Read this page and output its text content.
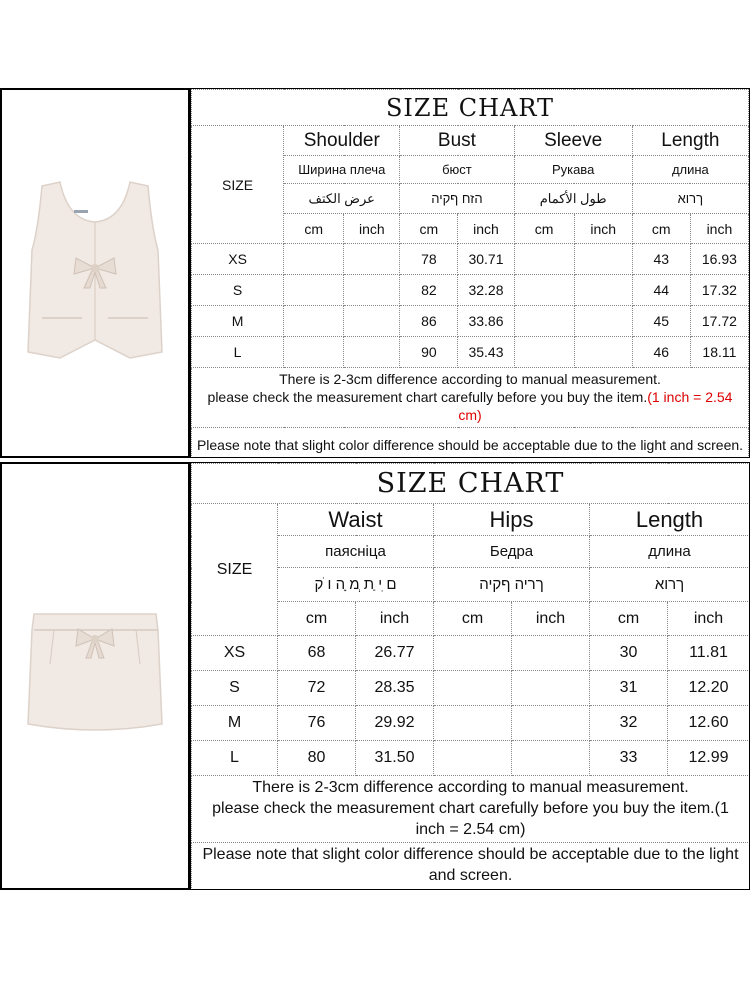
SIZE CHART								
SIZE	Shoulder		Bust		Sleeve		Length	
	Ширина плеча		бюст		Рукава		длина	
	عرض الكتف		הזח ףקיה		طول الأكمام		ךרוא	
	cm	inch	cm	inch	cm	inch	cm	inch
XS			78	30.71			43	16.93
S			82	32.28			44	17.32
M			86	33.86			45	17.72
L			90	35.43			46	18.11
There is 2-3cm difference according to manual measurement.
please check the measurement chart carefully before you buy the item.(1 inch = 2.54 cm)								
Please note that slight color difference should be acceptable due to the light and screen.								
SIZE CHART						
SIZE	Waist		Hips		Length	
	паясніца		Бедра		длина	
	ם ִי ַת ְמ ָה ו ֹק		ךריה ףקיה		ךרוא	
	cm	inch	cm	inch	cm	inch
XS	68	26.77			30	11.81
S	72	28.35			31	12.20
M	76	29.92			32	12.60
L	80	31.50			33	12.99
There is 2-3cm difference according to manual measurement.
please check the measurement chart carefully before you buy the item.(1 inch = 2.54 cm)						
Please note that slight color difference should be acceptable due to the light and screen.						
